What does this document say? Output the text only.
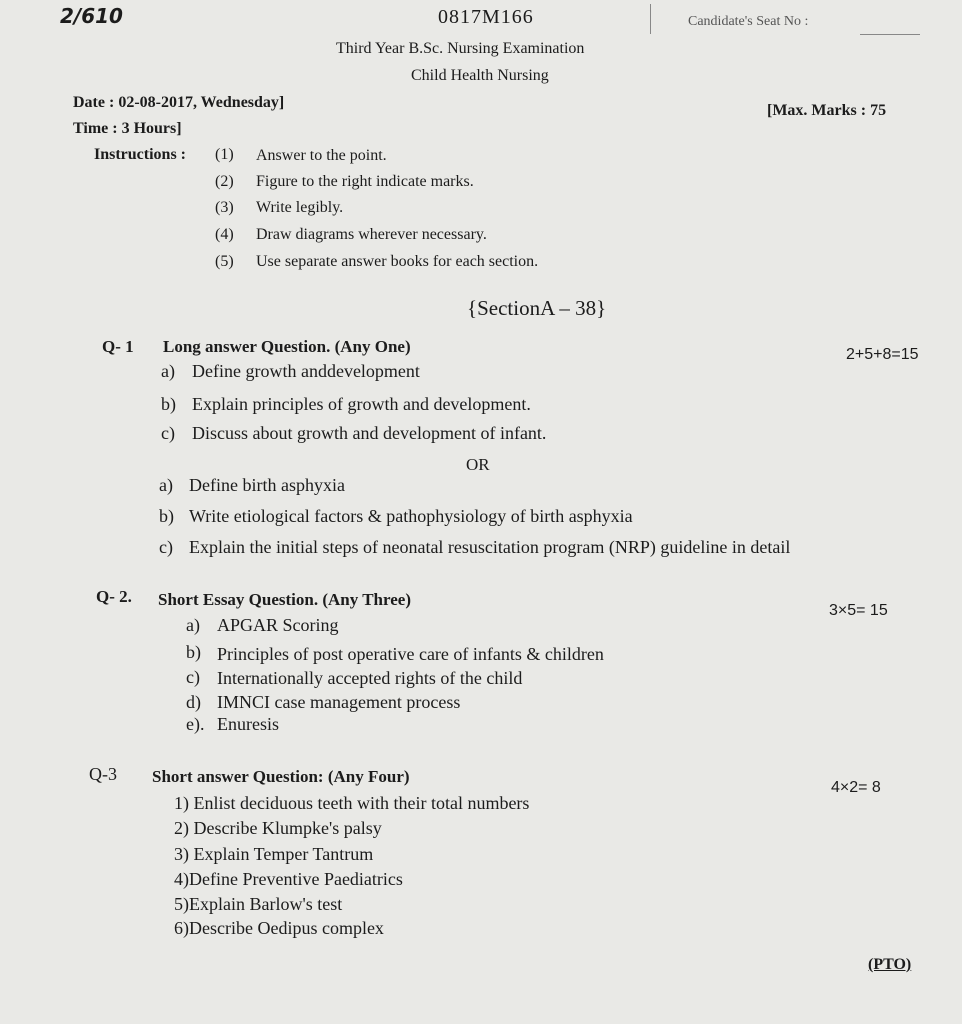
2/610	0817M166	Candidate's Seat No :
Third Year B.Sc. Nursing Examination
Child Health Nursing
Date : 02-08-2017, Wednesday]
Time : 3 Hours]
[Max. Marks : 75
Instructions : (1) Answer to the point.
(2) Figure to the right indicate marks.
(3) Write legibly.
(4) Draw diagrams wherever necessary.
(5) Use separate answer books for each section.
{SectionA – 38}
Q- 1 Long answer Question. (Any One)	2+5+8=15
a) Define growth anddevelopment
b) Explain principles of growth and development.
c) Discuss about growth and development of infant.
OR
a) Define birth asphyxia
b) Write etiological factors & pathophysiology of birth asphyxia
c) Explain the initial steps of neonatal resuscitation program (NRP) guideline in detail
Q- 2. Short Essay Question. (Any Three)
3×5= 15
a) APGAR Scoring
b) Principles of post operative care of infants & children
c) Internationally accepted rights of the child
d) IMNCI case management process
e). Enuresis
Q-3 Short answer Question: (Any Four)
4×2= 8
1) Enlist deciduous teeth with their total numbers
2) Describe Klumpke's palsy
3) Explain Temper Tantrum
4)Define Preventive Paediatrics
5)Explain Barlow's test
6)Describe Oedipus complex
(PTO)
